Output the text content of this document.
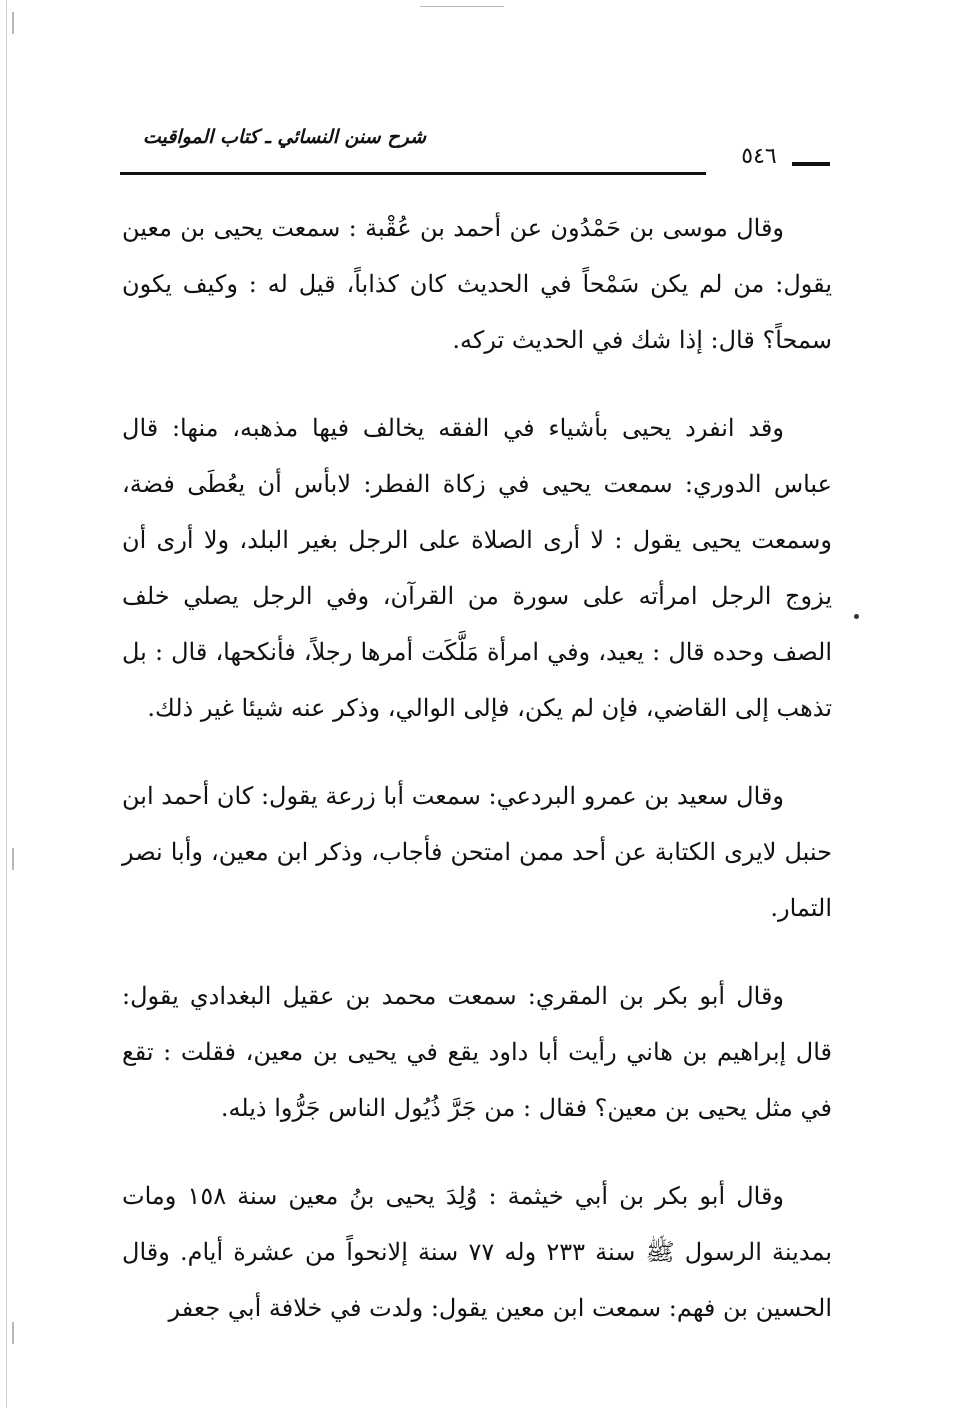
شرح سنن النسائي ـ كتاب المواقيت
٥٤٦

وقال موسى بن حَمْدُون عن أحمد بن عُقْبة : سمعت يحيى بن معين يقول: من لم يكن سَمْحاً في الحديث كان كذاباً، قيل له : وكيف يكون سمحاً؟ قال: إذا شك في الحديث تركه.

وقد انفرد يحيى بأشياء في الفقه يخالف فيها مذهبه، منها: قال عباس الدوري: سمعت يحيى في زكاة الفطر: لابأس أن يعُطَى فضة، وسمعت يحيى يقول : لا أرى الصلاة على الرجل بغير البلد، ولا أرى أن يزوج الرجل امرأته على سورة من القرآن، وفي الرجل يصلي خلف الصف وحده قال : يعيد، وفي امرأة مَلَّكَت أمرها رجلاً، فأنكحها، قال : بل تذهب إلى القاضي، فإن لم يكن، فإلى الوالي، وذكر عنه شيئا غير ذلك.

وقال سعيد بن عمرو البردعي: سمعت أبا زرعة يقول: كان أحمد ابن حنبل لايرى الكتابة عن أحد ممن امتحن فأجاب، وذكر ابن معين، وأبا نصر التمار.

وقال أبو بكر بن المقري: سمعت محمد بن عقيل البغدادي يقول: قال إبراهيم بن هاني رأيت أبا داود يقع في يحيى بن معين، فقلت : تقع في مثل يحيى بن معين؟ فقال : من جَرَّ ذُيُول الناس جَرُّوا ذيله.

وقال أبو بكر بن أبي خيثمة : وُلِدَ يحيى بنُ معين سنة ١٥٨ ومات بمدينة الرسول ﷺ سنة ٢٣٣ وله ٧٧ سنة إلانحواً من عشرة أيام. وقال الحسين بن فهم: سمعت ابن معين يقول: ولدت في خلافة أبي جعفر
